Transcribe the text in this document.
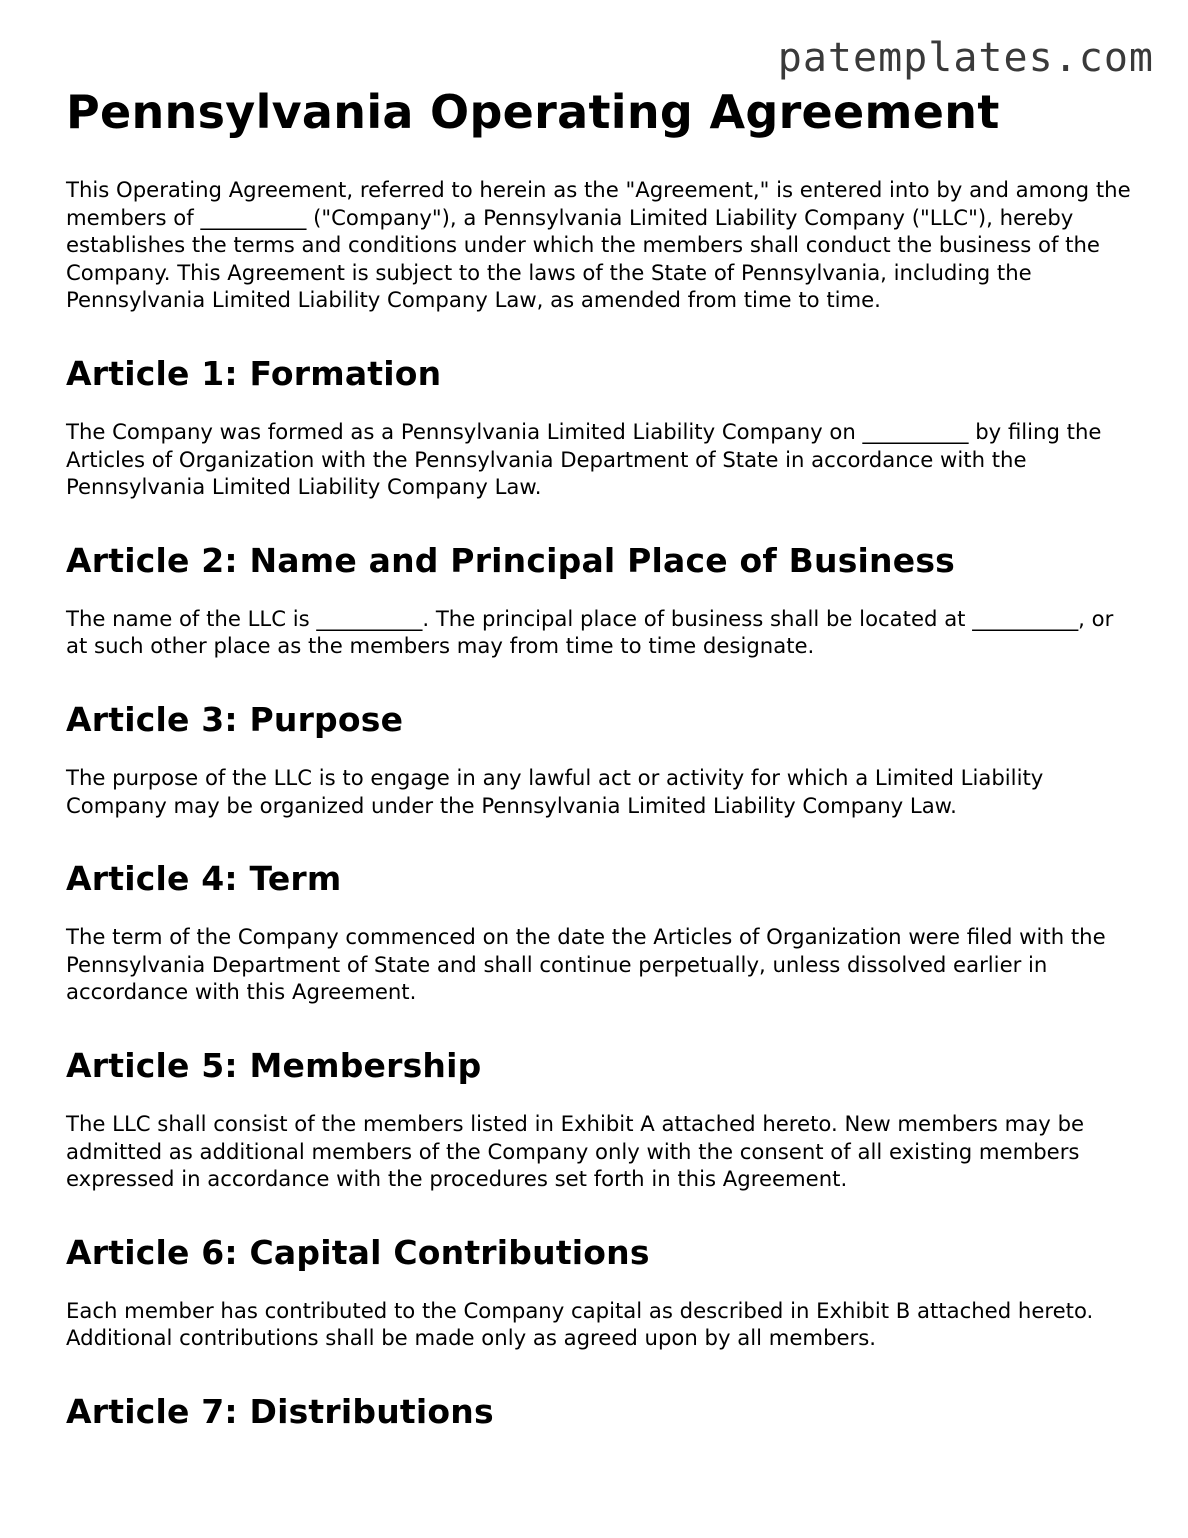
patemplates.com
Pennsylvania Operating Agreement

This Operating Agreement, referred to herein as the "Agreement," is entered into by and among the members of __________ ("Company"), a Pennsylvania Limited Liability Company ("LLC"), hereby establishes the terms and conditions under which the members shall conduct the business of the Company. This Agreement is subject to the laws of the State of Pennsylvania, including the Pennsylvania Limited Liability Company Law, as amended from time to time.

Article 1: Formation

The Company was formed as a Pennsylvania Limited Liability Company on __________ by filing the Articles of Organization with the Pennsylvania Department of State in accordance with the Pennsylvania Limited Liability Company Law.

Article 2: Name and Principal Place of Business

The name of the LLC is __________. The principal place of business shall be located at __________, or at such other place as the members may from time to time designate.

Article 3: Purpose

The purpose of the LLC is to engage in any lawful act or activity for which a Limited Liability Company may be organized under the Pennsylvania Limited Liability Company Law.

Article 4: Term

The term of the Company commenced on the date the Articles of Organization were filed with the Pennsylvania Department of State and shall continue perpetually, unless dissolved earlier in accordance with this Agreement.

Article 5: Membership

The LLC shall consist of the members listed in Exhibit A attached hereto. New members may be admitted as additional members of the Company only with the consent of all existing members expressed in accordance with the procedures set forth in this Agreement.

Article 6: Capital Contributions

Each member has contributed to the Company capital as described in Exhibit B attached hereto. Additional contributions shall be made only as agreed upon by all members.

Article 7: Distributions
